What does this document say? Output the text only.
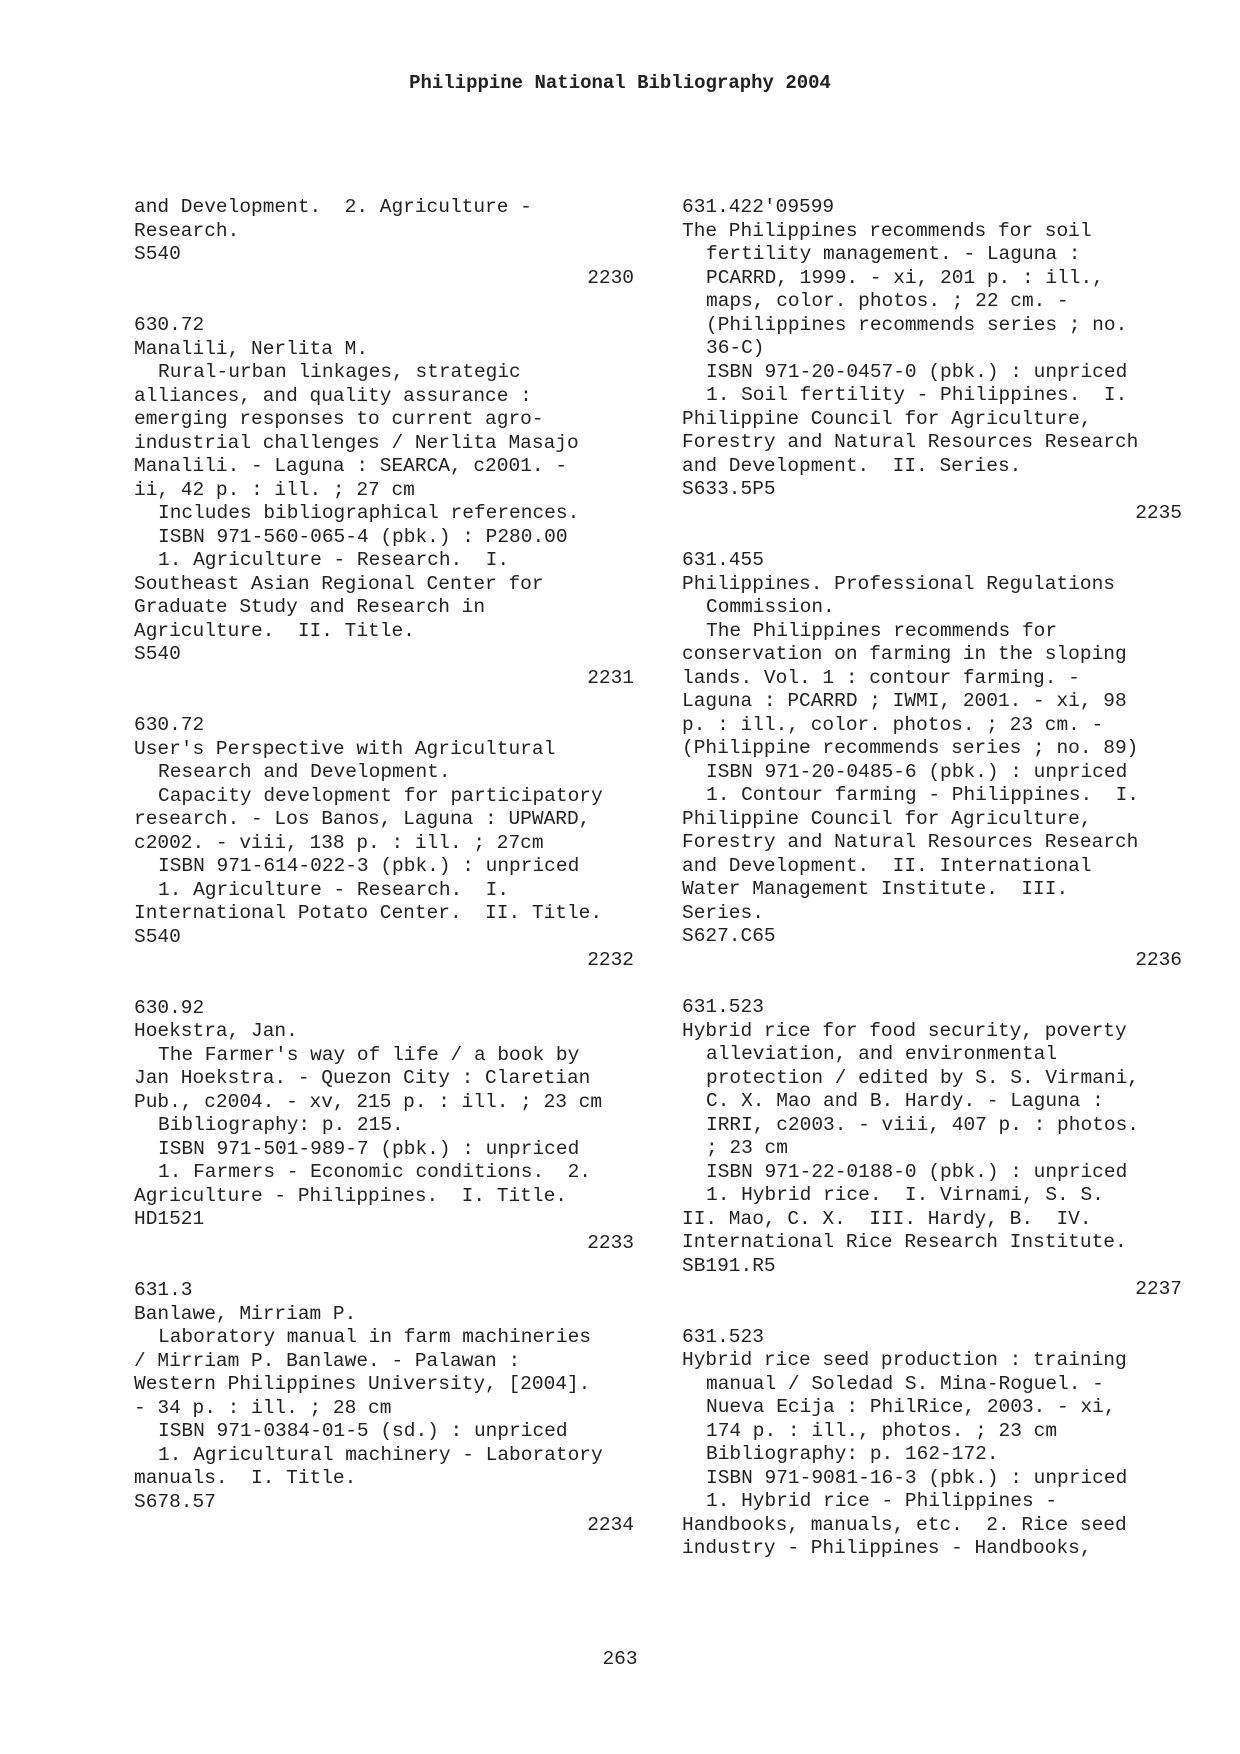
Philippine National Bibliography 2004
and Development.  2. Agriculture -
Research.
S540
2230
630.72
Manalili, Nerlita M.
Rural-urban linkages, strategic
alliances, and quality assurance :
emerging responses to current agro-
industrial challenges / Nerlita Masajo
Manalili. - Laguna : SEARCA, c2001. -
ii, 42 p. : ill. ; 27 cm
Includes bibliographical references.
ISBN 971-560-065-4 (pbk.) : P280.00
1. Agriculture - Research.  I.
Southeast Asian Regional Center for
Graduate Study and Research in
Agriculture.  II. Title.
S540
2231
630.72
User's Perspective with Agricultural
Research and Development.
Capacity development for participatory
research. - Los Banos, Laguna : UPWARD,
c2002. - viii, 138 p. : ill. ; 27cm
ISBN 971-614-022-3 (pbk.) : unpriced
1. Agriculture - Research.  I.
International Potato Center.  II. Title.
S540
2232
630.92
Hoekstra, Jan.
The Farmer's way of life / a book by
Jan Hoekstra. - Quezon City : Claretian
Pub., c2004. - xv, 215 p. : ill. ; 23 cm
Bibliography: p. 215.
ISBN 971-501-989-7 (pbk.) : unpriced
1. Farmers - Economic conditions.  2.
Agriculture - Philippines.  I. Title.
HD1521
2233
631.3
Banlawe, Mirriam P.
Laboratory manual in farm machineries
/ Mirriam P. Banlawe. - Palawan :
Western Philippines University, [2004].
- 34 p. : ill. ; 28 cm
ISBN 971-0384-01-5 (sd.) : unpriced
1. Agricultural machinery - Laboratory
manuals.  I. Title.
S678.57
2234
631.422'09599
The Philippines recommends for soil
fertility management. - Laguna :
PCARRD, 1999. - xi, 201 p. : ill.,
maps, color. photos. ; 22 cm. -
(Philippines recommends series ; no.
36-C)
ISBN 971-20-0457-0 (pbk.) : unpriced
1. Soil fertility - Philippines.  I.
Philippine Council for Agriculture,
Forestry and Natural Resources Research
and Development.  II. Series.
S633.5P5
2235
631.455
Philippines. Professional Regulations
Commission.
The Philippines recommends for
conservation on farming in the sloping
lands. Vol. 1 : contour farming. -
Laguna : PCARRD ; IWMI, 2001. - xi, 98
p. : ill., color. photos. ; 23 cm. -
(Philippine recommends series ; no. 89)
ISBN 971-20-0485-6 (pbk.) : unpriced
1. Contour farming - Philippines.  I.
Philippine Council for Agriculture,
Forestry and Natural Resources Research
and Development.  II. International
Water Management Institute.  III.
Series.
S627.C65
2236
631.523
Hybrid rice for food security, poverty
alleviation, and environmental
protection / edited by S. S. Virmani,
C. X. Mao and B. Hardy. - Laguna :
IRRI, c2003. - viii, 407 p. : photos.
; 23 cm
ISBN 971-22-0188-0 (pbk.) : unpriced
1. Hybrid rice.  I. Virnami, S. S.
II. Mao, C. X.  III. Hardy, B.  IV.
International Rice Research Institute.
SB191.R5
2237
631.523
Hybrid rice seed production : training
manual / Soledad S. Mina-Roguel. -
Nueva Ecija : PhilRice, 2003. - xi,
174 p. : ill., photos. ; 23 cm
Bibliography: p. 162-172.
ISBN 971-9081-16-3 (pbk.) : unpriced
1. Hybrid rice - Philippines -
Handbooks, manuals, etc.  2. Rice seed
industry - Philippines - Handbooks,
263
